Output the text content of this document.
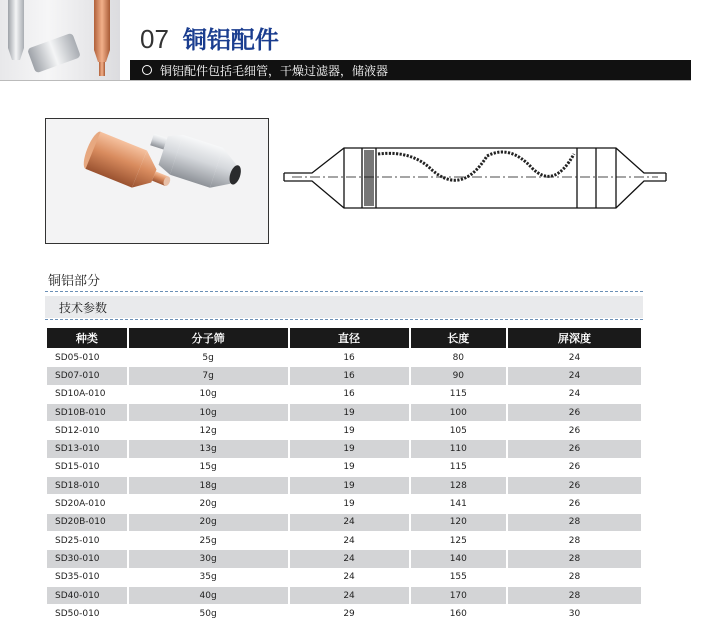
07 铜铝配件
铜铝配件包括毛细管，干燥过滤器，储液器
铜铝部分
技术参数
种类	分子筛	直径	长度	屏深度
SD05-010	5g	16	80	24
SD07-010	7g	16	90	24
SD10A-010	10g	16	115	24
SD10B-010	10g	19	100	26
SD12-010	12g	19	105	26
SD13-010	13g	19	110	26
SD15-010	15g	19	115	26
SD18-010	18g	19	128	26
SD20A-010	20g	19	141	26
SD20B-010	20g	24	120	28
SD25-010	25g	24	125	28
SD30-010	30g	24	140	28
SD35-010	35g	24	155	28
SD40-010	40g	24	170	28
SD50-010	50g	29	160	30
